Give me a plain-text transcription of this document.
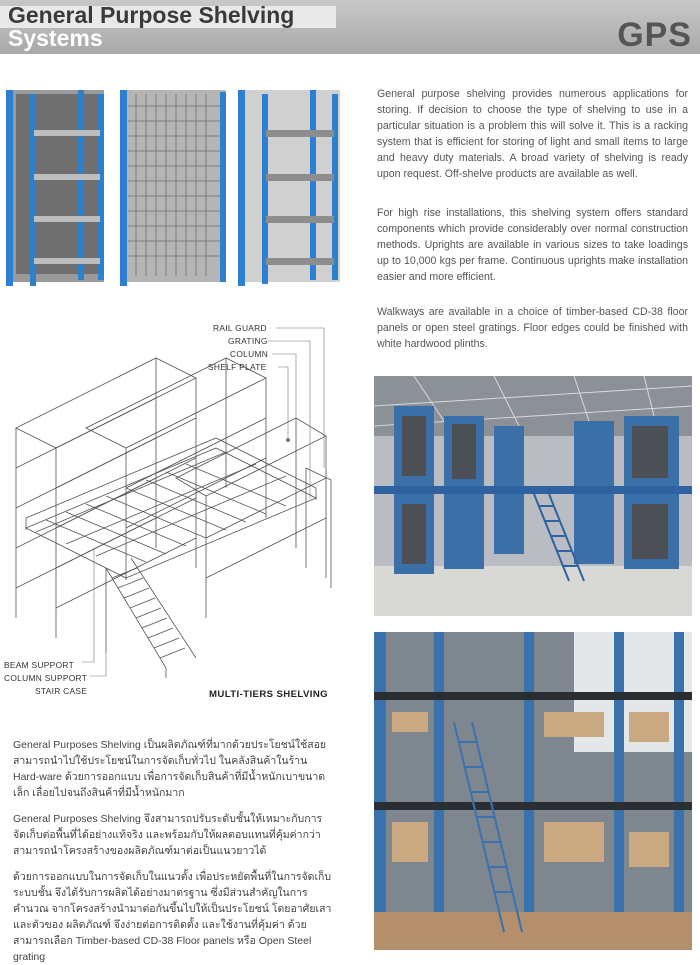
General Purpose Shelving
Systems	GPS
General purpose shelving provides numerous applications for storing. If decision to choose the type of shelving to use in a particular situation is a problem this will solve it. This is a racking system that is efficient for storing of light and small items to large and heavy duty materials. A broad variety of shelving is ready upon request. Off-shelve products are available as well.
For high rise installations, this shelving system offers standard components which provide considerably over normal construction methods. Uprights are available in various sizes to take loadings up to 10,000 kgs per frame. Continuous uprights make installation easier and more efficient.
Walkways are available in a choice of timber-based CD-38 floor panels or open steel gratings. Floor edges could be finished with white hardwood plinths.
RAIL GUARD
GRATING
COLUMN
SHELF PLATE
BEAM SUPPORT
COLUMN SUPPORT
STAIR CASE	MULTI-TIERS SHELVING
General Purposes Shelving เป็นผลิตภัณฑ์ที่มากด้วยประโยชน์ใช้สอย สามารถนำไปใช้ประโยชน์ในการจัดเก็บทั่วไป ในคลังสินค้าในร้าน Hard-ware ด้วยการออกแบบ เพื่อการจัดเก็บสินค้าที่มีน้ำหนักเบาขนาดเล็ก เลื่อยไปจนถึงสินค้าที่มีน้ำหนักมาก
General Purposes Shelving จึงสามารถปรับระดับชั้นให้เหมาะกับการ จัดเก็บต่อพื้นที่ได้อย่างแท้จริง และพร้อมกับให้ผลตอบแทนที่คุ้มค่ากว่า สามารถนำโครงสร้างของผลิตภัณฑ์มาต่อเป็นแนวยาวได้
ด้วยการออกแบบในการจัดเก็บในแนวตั้ง เพื่อประหยัดพื้นที่ในการจัดเก็บ ระบบชั้น จึงได้รับการผลิตได้อย่างมาตรฐาน ซึ่งมีส่วนสำคัญในการคำนวณ จากโครงสร้างนำมาต่อกันขึ้นไปให้เป็นประโยชน์ โดยอาศัยเสาและตัวของ ผลิตภัณฑ์ จึงง่ายต่อการติดตั้ง และใช้งานที่คุ้มค่า ด้วยสามารถเลือก Timber-based CD-38 Floor panels หรือ Open Steel grating
